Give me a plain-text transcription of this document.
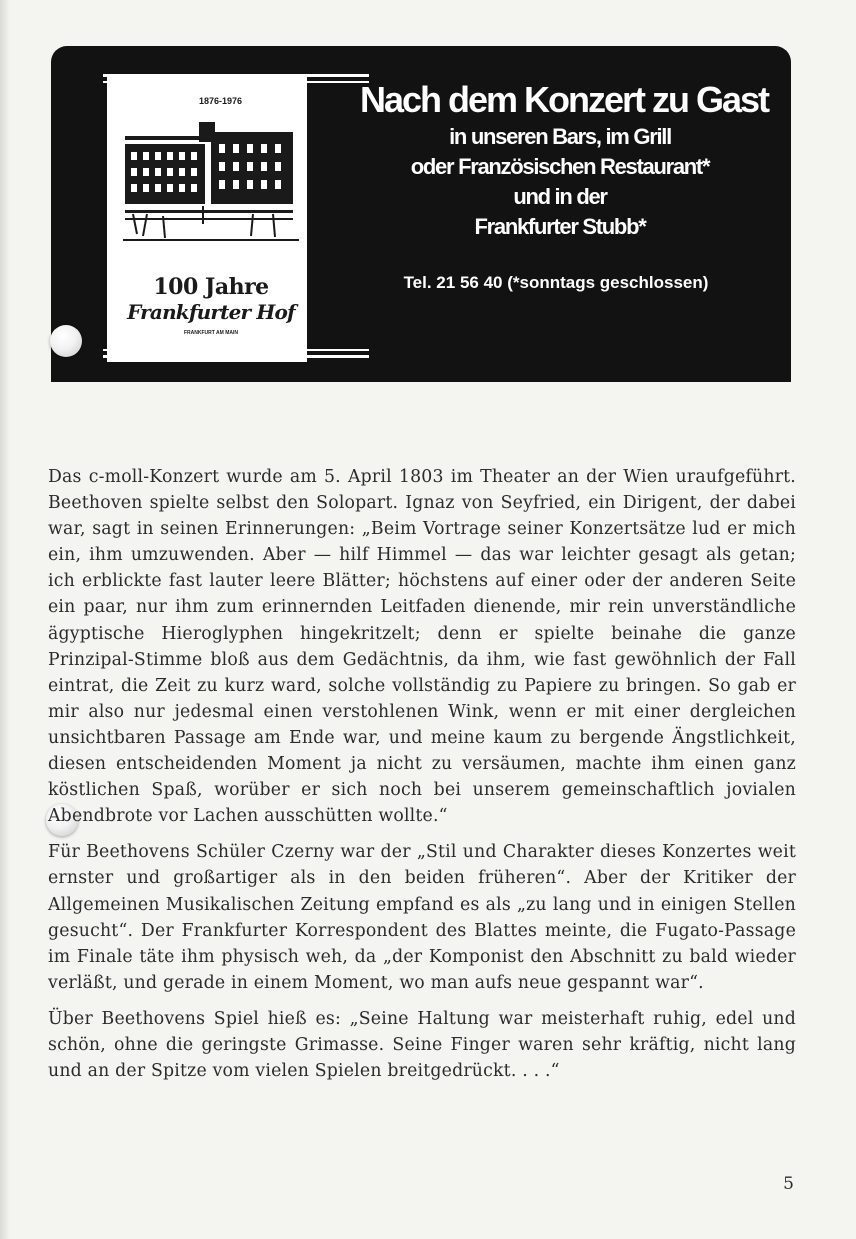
1876-1976
100 Jahre
Frankfurter Hof
FRANKFURT AM MAIN
Nach dem Konzert zu Gast
in unseren Bars, im Grill
oder Französischen Restaurant*
und in der
Frankfurter Stubb*
Tel. 21 56 40 (*sonntags geschlossen)

Das c-moll-Konzert wurde am 5. April 1803 im Theater an der Wien uraufgeführt. Beethoven spielte selbst den Solopart. Ignaz von Seyfried, ein Dirigent, der dabei war, sagt in seinen Erinnerungen: „Beim Vortrage seiner Konzertsätze lud er mich ein, ihm umzuwenden. Aber — hilf Himmel — das war leichter gesagt als getan; ich erblickte fast lauter leere Blätter; höchstens auf einer oder der anderen Seite ein paar, nur ihm zum erinnernden Leitfaden dienende, mir rein unverständliche ägyptische Hieroglyphen hingekritzelt; denn er spielte beinahe die ganze Prinzipal-Stimme bloß aus dem Gedächtnis, da ihm, wie fast gewöhnlich der Fall eintrat, die Zeit zu kurz ward, solche vollständig zu Papiere zu bringen. So gab er mir also nur jedesmal einen verstohlenen Wink, wenn er mit einer dergleichen unsichtbaren Passage am Ende war, und meine kaum zu bergende Ängstlichkeit, diesen entscheidenden Moment ja nicht zu versäumen, machte ihm einen ganz köstlichen Spaß, worüber er sich noch bei unserem gemeinschaftlich jovialen Abendbrote vor Lachen ausschütten wollte.“

Für Beethovens Schüler Czerny war der „Stil und Charakter dieses Konzertes weit ernster und großartiger als in den beiden früheren“. Aber der Kritiker der Allgemeinen Musikalischen Zeitung empfand es als „zu lang und in einigen Stellen gesucht“. Der Frankfurter Korrespondent des Blattes meinte, die Fugato-Passage im Finale täte ihm physisch weh, da „der Komponist den Abschnitt zu bald wieder verläßt, und gerade in einem Moment, wo man aufs neue gespannt war“.

Über Beethovens Spiel hieß es: „Seine Haltung war meisterhaft ruhig, edel und schön, ohne die geringste Grimasse. Seine Finger waren sehr kräftig, nicht lang und an der Spitze vom vielen Spielen breitgedrückt. . . .“

5
